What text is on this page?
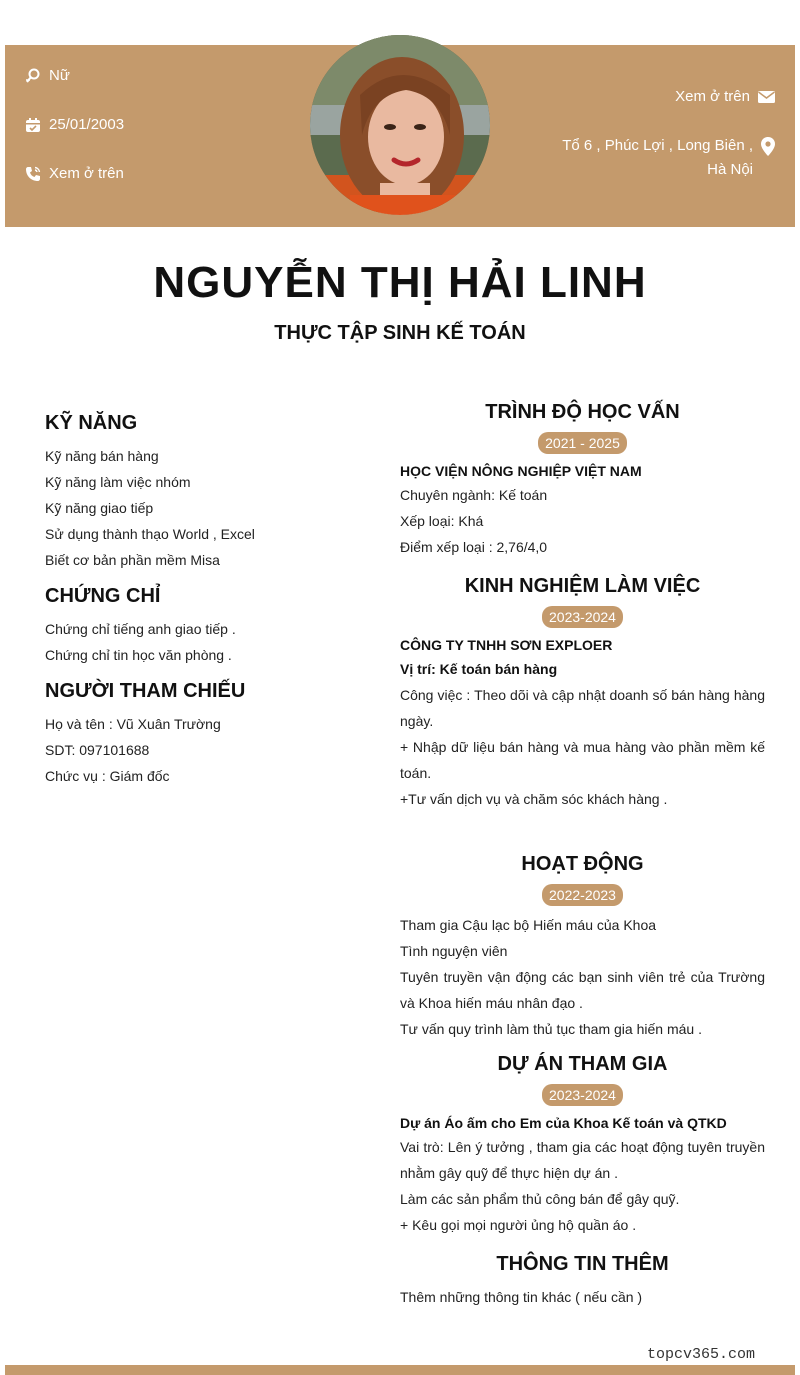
Nữ
25/01/2003
Xem ở trên
Xem ở trên
Tổ 6 , Phúc Lợi , Long Biên ,
Hà Nội
NGUYỄN THỊ HẢI LINH
THỰC TẬP SINH KẾ TOÁN
KỸ NĂNG
Kỹ năng bán hàng
Kỹ năng làm việc nhóm
Kỹ năng giao tiếp
Sử dụng thành thạo World , Excel
Biết cơ bản phần mềm Misa
CHỨNG CHỈ
Chứng chỉ tiếng anh giao tiếp .
Chứng chỉ tin học văn phòng .
NGƯỜI THAM CHIẾU
Họ và tên : Vũ Xuân Trường
SDT: 097101688
Chức vụ : Giám đốc
TRÌNH ĐỘ HỌC VẤN
2021 - 2025
HỌC VIỆN NÔNG NGHIỆP VIỆT NAM
Chuyên ngành: Kế toán
Xếp loại: Khá
Điểm xếp loại : 2,76/4,0
KINH NGHIỆM LÀM VIỆC
2023-2024
CÔNG TY TNHH SƠN EXPLOER
Vị trí: Kế toán bán hàng
Công việc : Theo dõi và cập nhật doanh số bán hàng hàng ngày.
+ Nhập dữ liệu bán hàng và mua hàng vào phần mềm kế toán.
+Tư vấn dịch vụ và chăm sóc khách hàng .
HOẠT ĐỘNG
2022-2023
Tham gia Cậu lạc bộ Hiến máu của Khoa
Tình nguyện viên
Tuyên truyền vận động các bạn sinh viên trẻ của Trường và Khoa hiến máu nhân đạo .
Tư vấn quy trình làm thủ tục tham gia hiến máu .
DỰ ÁN THAM GIA
2023-2024
Dự án Áo ấm cho Em của Khoa Kế toán và QTKD
Vai trò: Lên ý tưởng , tham gia các hoạt động tuyên truyền nhằm gây quỹ để thực hiện dự án .
Làm các sản phẩm thủ công bán để gây quỹ.
+ Kêu gọi mọi người ủng hộ quần áo .
THÔNG TIN THÊM
Thêm những thông tin khác ( nếu cần )
topcv365.com
